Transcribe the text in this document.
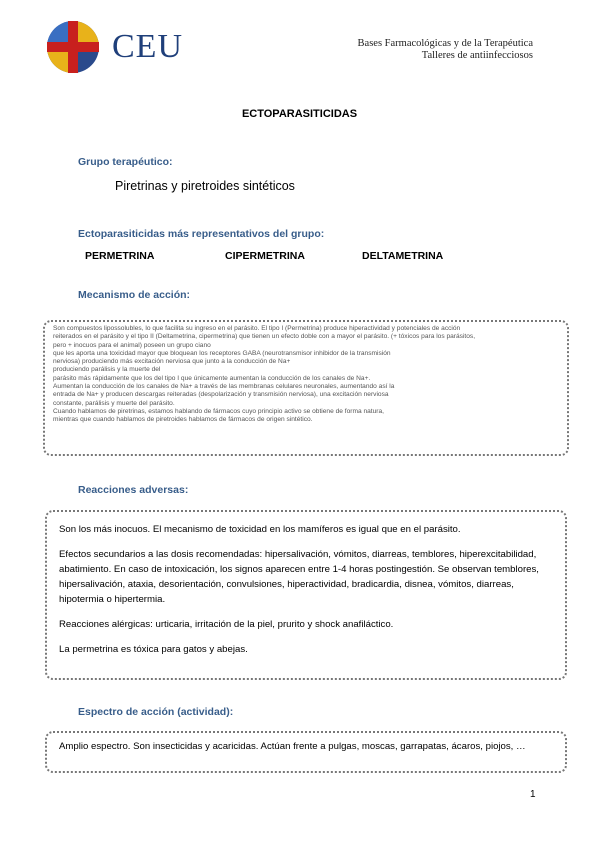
CEU	Bases Farmacológicas y de la Terapéutica
Talleres de antiinfecciosos
ECTOPARASITICIDAS
Grupo terapéutico:
Piretrinas y piretroides sintéticos
Ectoparasiticidas más representativos del grupo:
PERMETRINA	CIPERMETRINA	DELTAMETRINA
Mecanismo de acción:
Son compuestos lipossolubles, lo que facilita su ingreso en el parásito. El tipo I (Permetrina) produce hiperactividad y potenciales de acción
reiterados en el parásito y el tipo II (Deltametrina, cipermetrina) que tienen un efecto doble con a mayor el parásito. (+ tóxicos para los parásitos,
pero + inocuos para el animal) poseen un grupo ciano
que les aporta una toxicidad mayor que bloquean los receptores GABA (neurotransmisor inhibidor de la transmisión
nerviosa) produciendo más excitación nerviosa que junto a la conducción de Na+
produciendo parálisis y la muerte del
parásito más rápidamente que los del tipo I que únicamente aumentan la conducción de los canales de Na+.
Aumentan la conducción de los canales de Na+ a través de las membranas celulares neuronales, aumentando así la
entrada de Na+ y producen descargas reiteradas (despolarización y transmisión nerviosa), una excitación nerviosa
constante, parálisis y muerte del parásito.
Cuando hablamos de piretrinas, estamos hablando de fármacos cuyo principio activo se obtiene de forma natura,
mientras que cuando hablamos de piretroides hablamos de fármacos de origen sintético.
Reacciones adversas:

Son los más inocuos. El mecanismo de toxicidad en los mamíferos es igual que en el parásito.

Efectos secundarios a las dosis recomendadas: hipersalivación, vómitos, diarreas, temblores, hiperexcitabilidad, abatimiento. En caso de intoxicación, los signos aparecen entre 1-4 horas postingestión. Se observan temblores, hipersalivación, ataxia, desorientación, convulsiones, hiperactividad, bradicardia, disnea, vómitos, diarreas, hipotermia o hipertermia.

Reacciones alérgicas: urticaria, irritación de la piel, prurito y shock anafiláctico.

La permetrina es tóxica para gatos y abejas.

Espectro de acción (actividad):

Amplio espectro. Son insecticidas y acaricidas. Actúan frente a pulgas, moscas, garrapatas, ácaros, piojos, …

1
